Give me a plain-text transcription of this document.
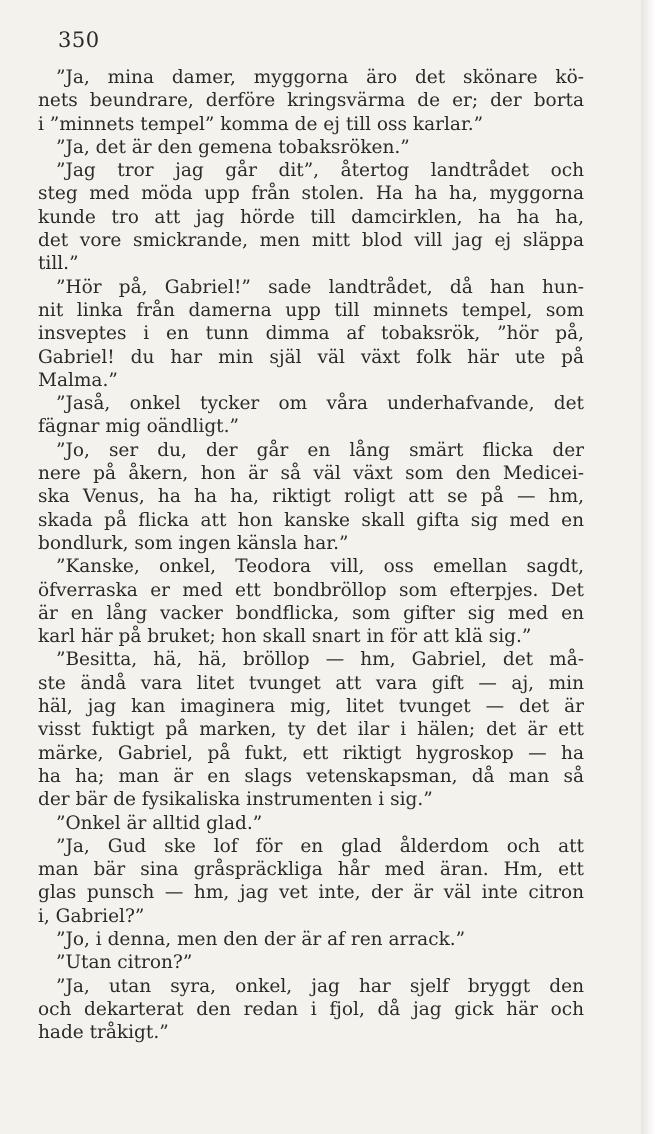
350
”Ja, mina damer, myggorna äro det skönare kö-
nets beundrare, derföre kringsvärma de er; der borta
i ”minnets tempel” komma de ej till oss karlar.”
”Ja, det är den gemena tobaksröken.”
”Jag tror jag går dit”, återtog landtrådet och
steg med möda upp från stolen. Ha ha ha, myggorna
kunde tro att jag hörde till damcirklen, ha ha ha,
det vore smickrande, men mitt blod vill jag ej släppa
till.”
”Hör på, Gabriel!” sade landtrådet, då han hun-
nit linka från damerna upp till minnets tempel, som
insveptes i en tunn dimma af tobaksrök, ”hör på,
Gabriel! du har min själ väl växt folk här ute på
Malma.”
”Jaså, onkel tycker om våra underhafvande, det
fägnar mig oändligt.”
”Jo, ser du, der går en lång smärt flicka der
nere på åkern, hon är så väl växt som den Medicei-
ska Venus, ha ha ha, riktigt roligt att se på — hm,
skada på flicka att hon kanske skall gifta sig med en
bondlurk, som ingen känsla har.”
”Kanske, onkel, Teodora vill, oss emellan sagdt,
öfverraska er med ett bondbröllop som efterpjes. Det
är en lång vacker bondflicka, som gifter sig med en
karl här på bruket; hon skall snart in för att klä sig.”
”Besitta, hä, hä, bröllop — hm, Gabriel, det må-
ste ändå vara litet tvunget att vara gift — aj, min
häl, jag kan imaginera mig, litet tvunget — det är
visst fuktigt på marken, ty det ilar i hälen; det är ett
märke, Gabriel, på fukt, ett riktigt hygroskop — ha
ha ha; man är en slags vetenskapsman, då man så
der bär de fysikaliska instrumenten i sig.”
”Onkel är alltid glad.”
”Ja, Gud ske lof för en glad ålderdom och att
man bär sina gråspräckliga hår med äran. Hm, ett
glas punsch — hm, jag vet inte, der är väl inte citron
i, Gabriel?”
”Jo, i denna, men den der är af ren arrack.”
”Utan citron?”
”Ja, utan syra, onkel, jag har sjelf bryggt den
och dekarterat den redan i fjol, då jag gick här och
hade tråkigt.”
